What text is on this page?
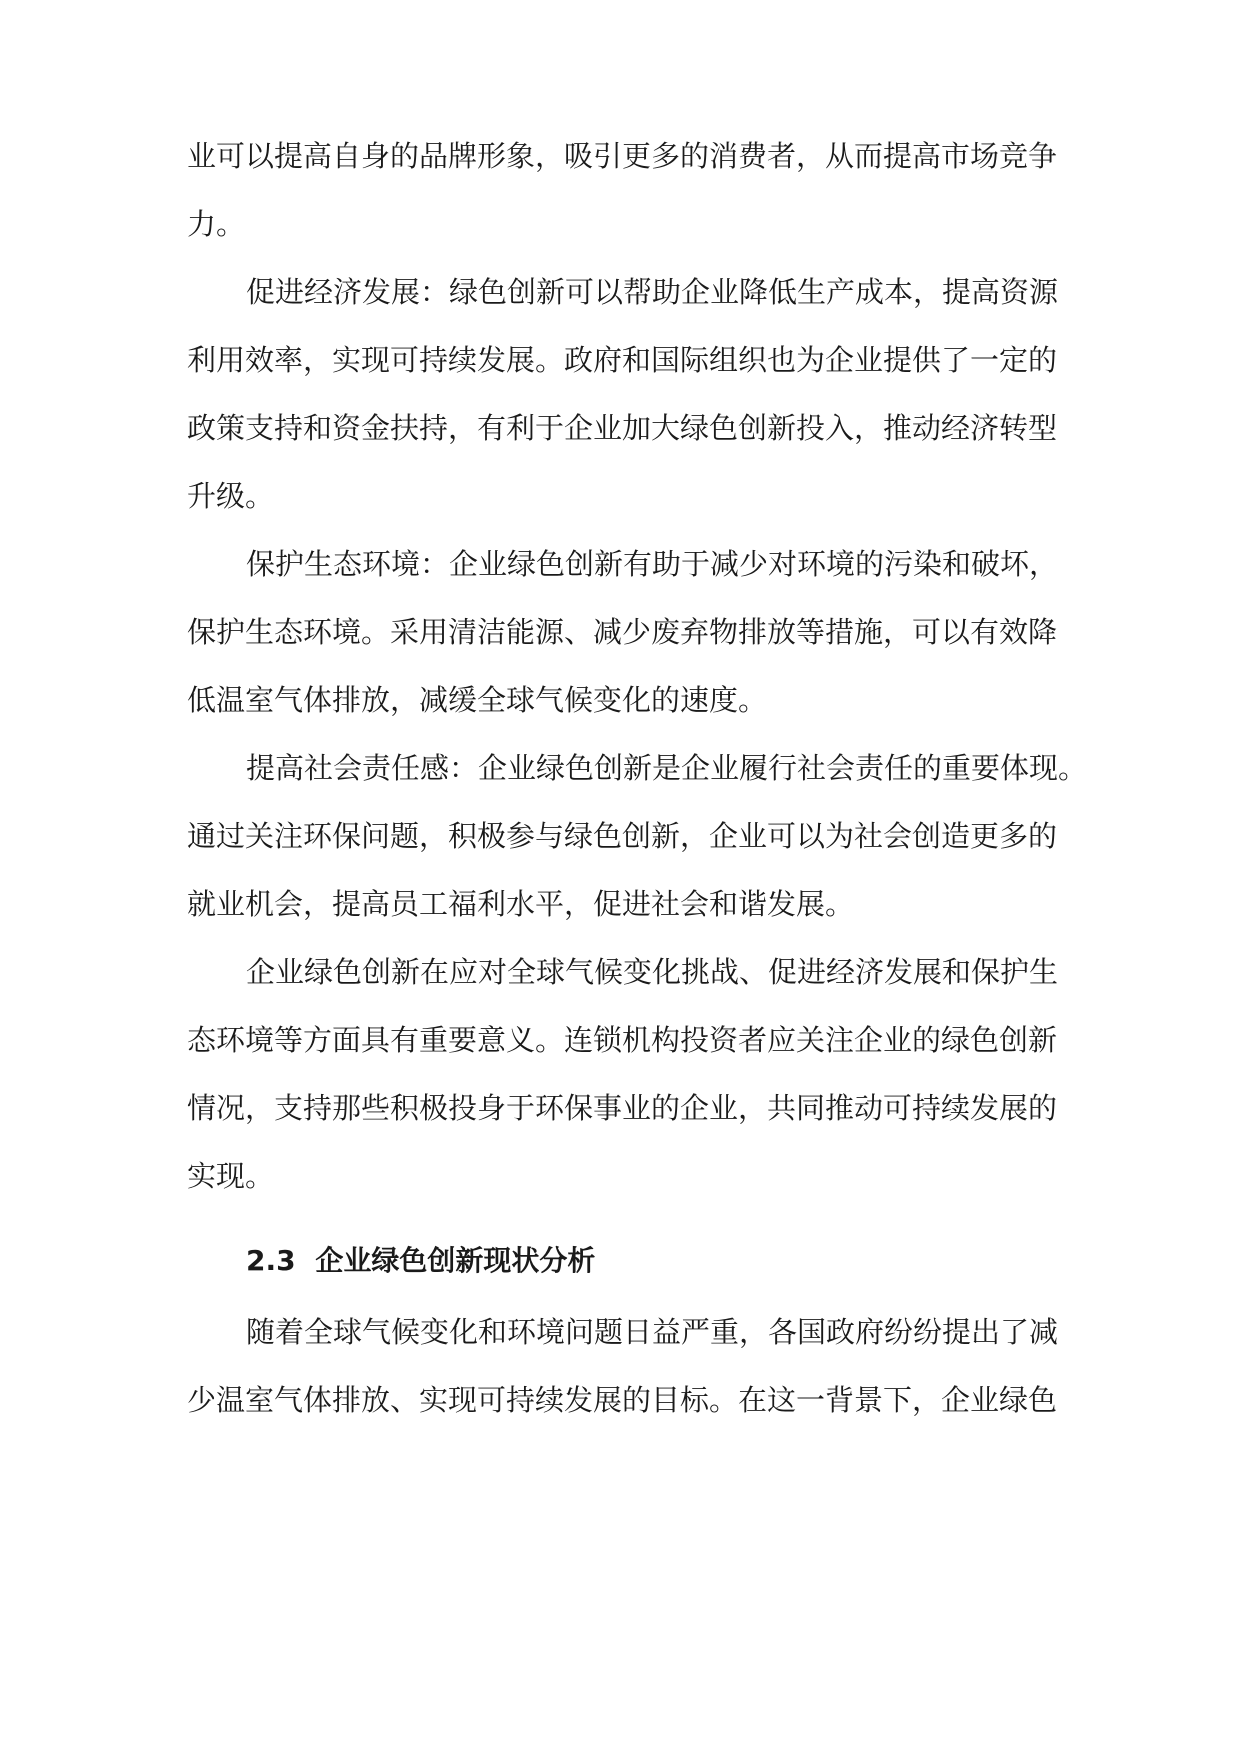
业可以提高自身的品牌形象，吸引更多的消费者，从而提高市场竞争
力。
促进经济发展：绿色创新可以帮助企业降低生产成本，提高资源
利用效率，实现可持续发展。政府和国际组织也为企业提供了一定的
政策支持和资金扶持，有利于企业加大绿色创新投入，推动经济转型
升级。
保护生态环境：企业绿色创新有助于减少对环境的污染和破坏，
保护生态环境。采用清洁能源、减少废弃物排放等措施，可以有效降
低温室气体排放，减缓全球气候变化的速度。
提高社会责任感：企业绿色创新是企业履行社会责任的重要体现。
通过关注环保问题，积极参与绿色创新，企业可以为社会创造更多的
就业机会，提高员工福利水平，促进社会和谐发展。
企业绿色创新在应对全球气候变化挑战、促进经济发展和保护生
态环境等方面具有重要意义。连锁机构投资者应关注企业的绿色创新
情况，支持那些积极投身于环保事业的企业，共同推动可持续发展的
实现。
2.3 企业绿色创新现状分析
随着全球气候变化和环境问题日益严重，各国政府纷纷提出了减
少温室气体排放、实现可持续发展的目标。在这一背景下，企业绿色
